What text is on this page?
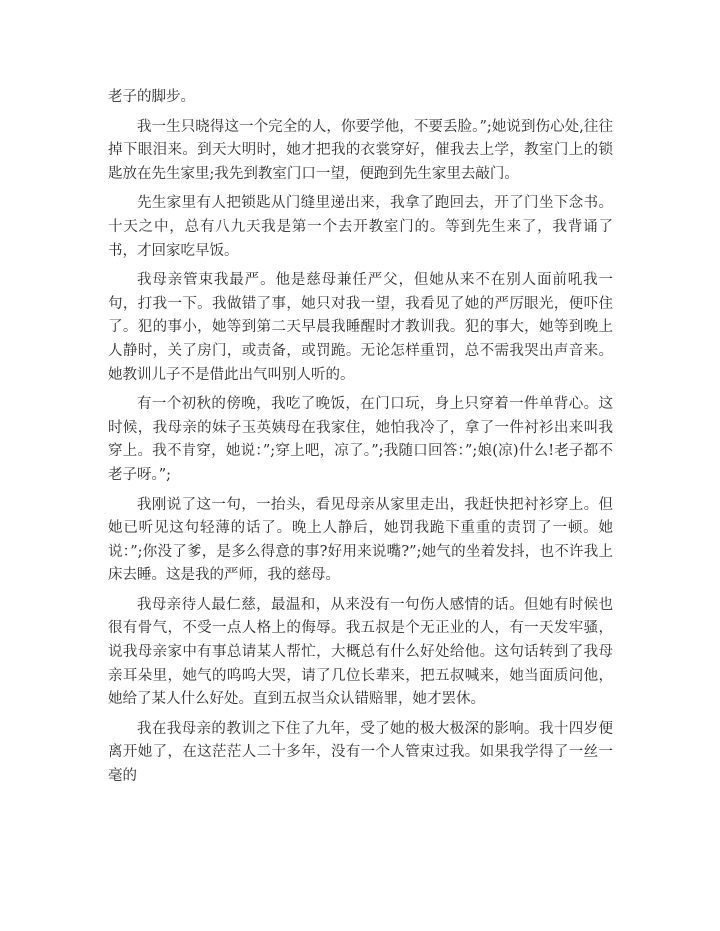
老子的脚步。

我一生只晓得这一个完全的人，你要学他，不要丢脸。”;她说到伤心处,往往掉下眼泪来。到天大明时，她才把我的衣裳穿好，催我去上学，教室门上的锁匙放在先生家里;我先到教室门口一望，便跑到先生家里去敲门。

先生家里有人把锁匙从门缝里递出来，我拿了跑回去，开了门坐下念书。十天之中，总有八九天我是第一个去开教室门的。等到先生来了，我背诵了书，才回家吃早饭。

我母亲管束我最严。他是慈母兼任严父，但她从来不在别人面前吼我一句，打我一下。我做错了事，她只对我一望，我看见了她的严厉眼光，便吓住了。犯的事小，她等到第二天早晨我睡醒时才教训我。犯的事大，她等到晚上人静时，关了房门，或责备，或罚跪。无论怎样重罚，总不需我哭出声音来。她教训儿子不是借此出气叫别人听的。

有一个初秋的傍晚，我吃了晚饭，在门口玩，身上只穿着一件单背心。这时候，我母亲的妹子玉英姨母在我家住，她怕我冷了，拿了一件衬衫出来叫我穿上。我不肯穿，她说：”;穿上吧，凉了。”;我随口回答：”;娘(凉)什么!老子都不老子呀。”;

我刚说了这一句，一抬头，看见母亲从家里走出，我赶快把衬衫穿上。但她已听见这句轻薄的话了。晚上人静后，她罚我跪下重重的责罚了一顿。她说：”;你没了爹，是多么得意的事?好用来说嘴?”;她气的坐着发抖，也不许我上床去睡。这是我的严师，我的慈母。

我母亲待人最仁慈，最温和，从来没有一句伤人感情的话。但她有时候也很有骨气，不受一点人格上的侮辱。我五叔是个无正业的人，有一天发牢骚，说我母亲家中有事总请某人帮忙，大概总有什么好处给他。这句话转到了我母亲耳朵里，她气的呜呜大哭，请了几位长辈来，把五叔喊来，她当面质问他，她给了某人什么好处。直到五叔当众认错赔罪，她才罢休。

我在我母亲的教训之下住了九年，受了她的极大极深的影响。我十四岁便离开她了，在这茫茫人二十多年，没有一个人管束过我。如果我学得了一丝一毫的
